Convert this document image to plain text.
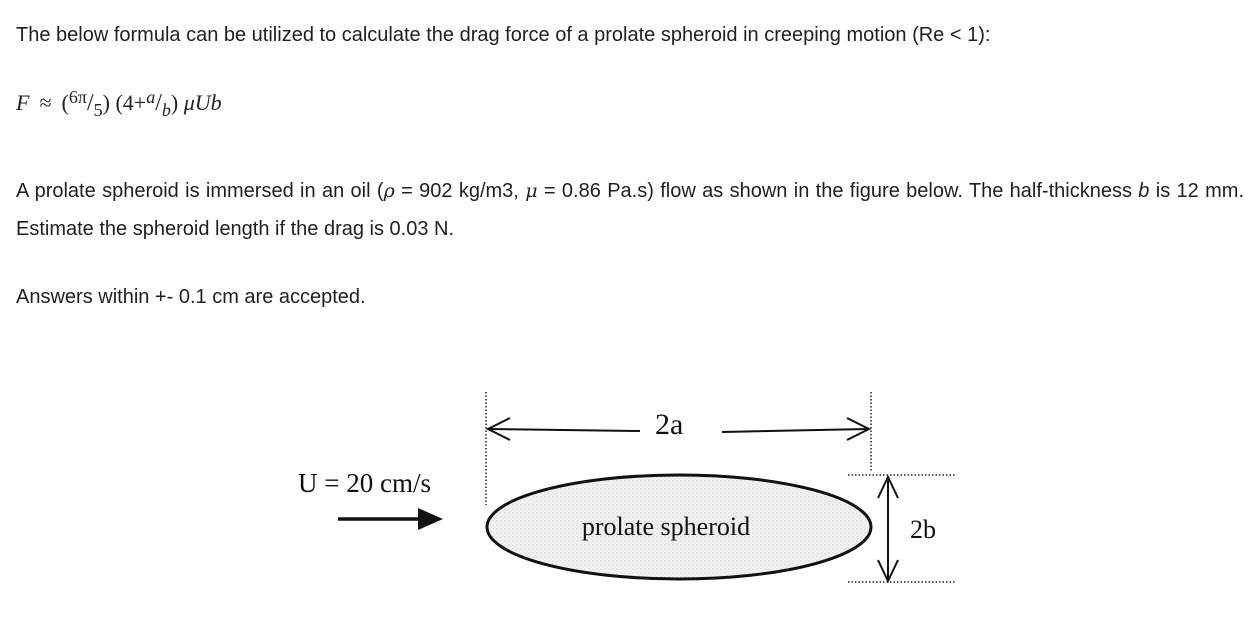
The below formula can be utilized to calculate the drag force of a prolate spheroid in creeping motion (Re < 1):

$F \approx (^{6\pi}/_5)$ $(4+^a/_b)$ μUb

A prolate spheroid is immersed in an oil (ρ = 902 kg/m3, μ = 0.86 Pa.s) flow as shown in the figure below. The half-thickness b is 12 mm. Estimate the spheroid length if the drag is 0.03 N.

Answers within +- 0.1 cm are accepted.

2a
2b
prolate spheroid
U = 20 cm/s
